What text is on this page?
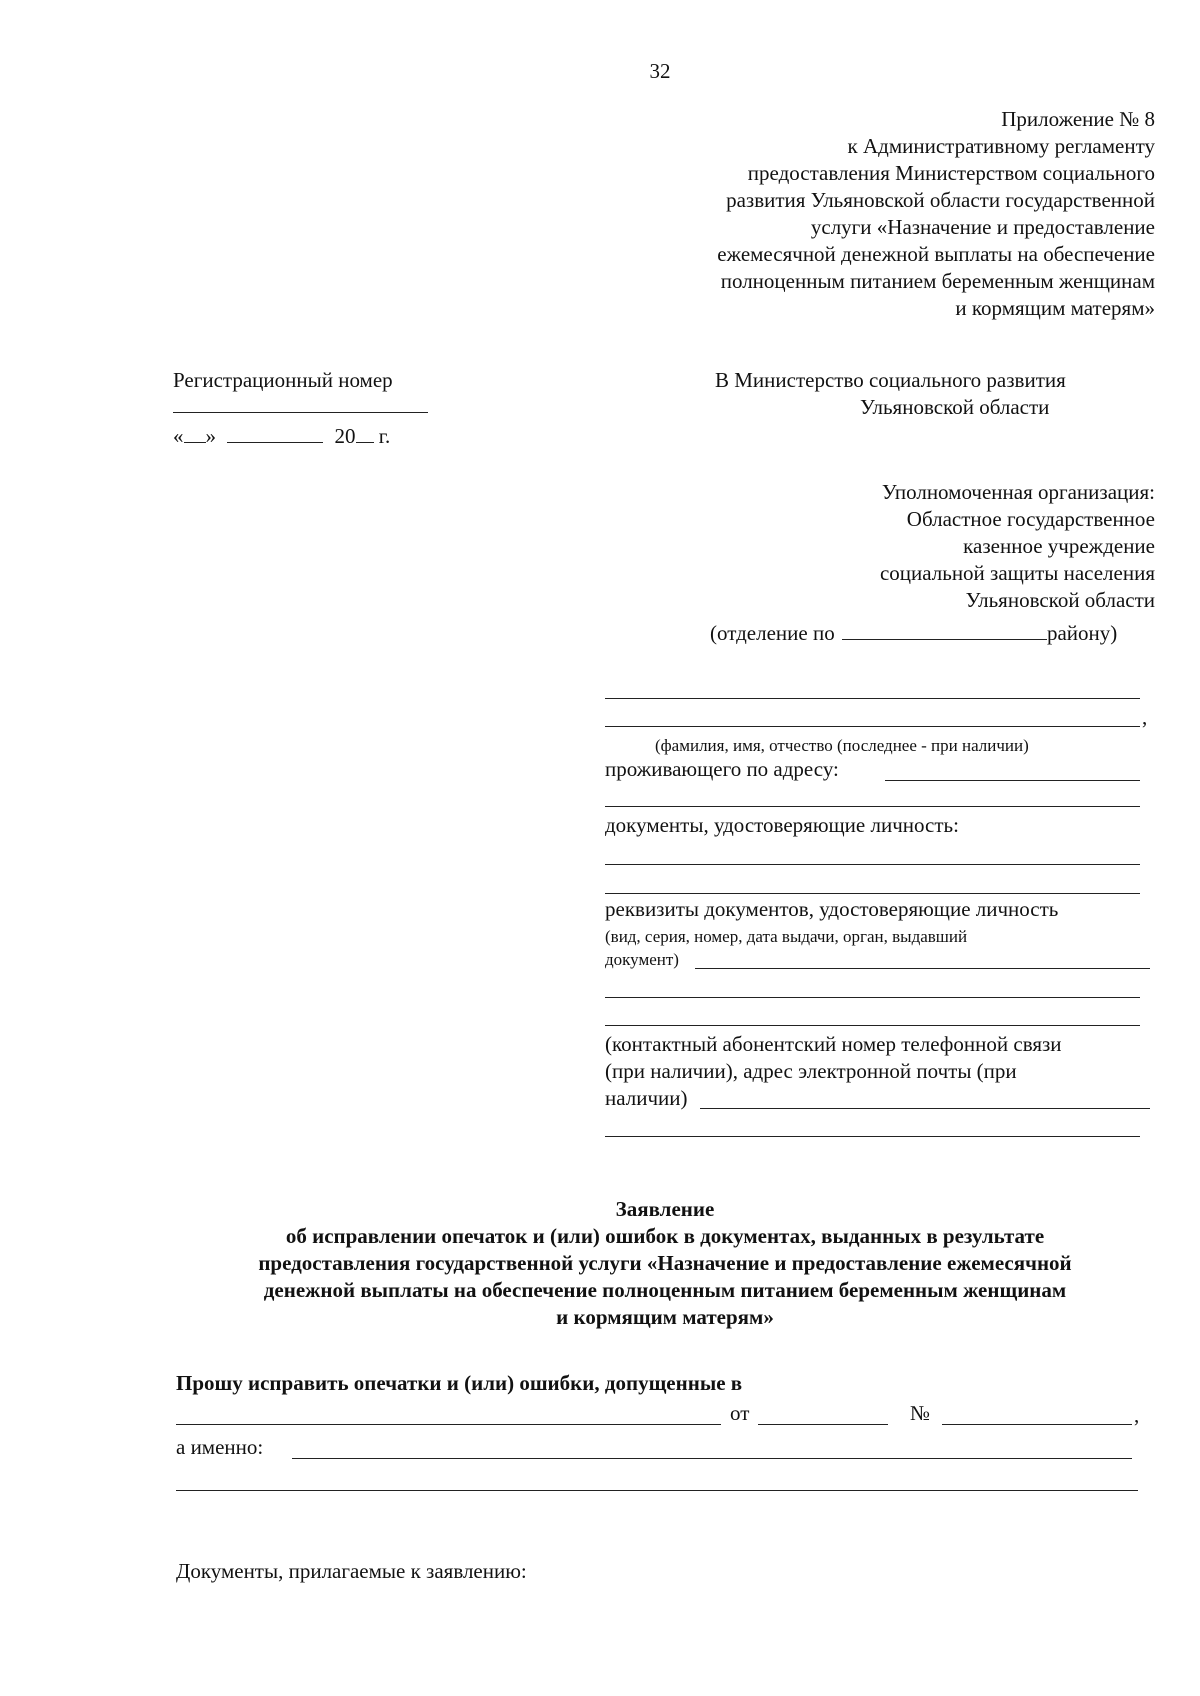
32
Приложение № 8
к Административному регламенту
предоставления Министерством социального
развития Ульяновской области государственной
услуги «Назначение и предоставление
ежемесячной денежной выплаты на обеспечение
полноценным питанием беременным женщинам
и кормящим матерям»
Регистрационный номер
« »	20 г.
В Министерство социального развития
Ульяновской области
Уполномоченная организация:
Областное государственное
казенное учреждение
социальной защиты населения
Ульяновской области
(отделение по	району)
,
(фамилия, имя, отчество (последнее - при наличии)
проживающего по адресу:
документы, удостоверяющие личность:
реквизиты документов, удостоверяющие личность
(вид, серия, номер, дата выдачи, орган, выдавший
документ)
(контактный абонентский номер телефонной связи
(при наличии), адрес электронной почты (при
наличии)
Заявление
об исправлении опечаток и (или) ошибок в документах, выданных в результате
предоставления государственной услуги «Назначение и предоставление ежемесячной
денежной выплаты на обеспечение полноценным питанием беременным женщинам
и кормящим матерям»
Прошу исправить опечатки и (или) ошибки, допущенные в
от	№	,
а именно:
Документы, прилагаемые к заявлению:
